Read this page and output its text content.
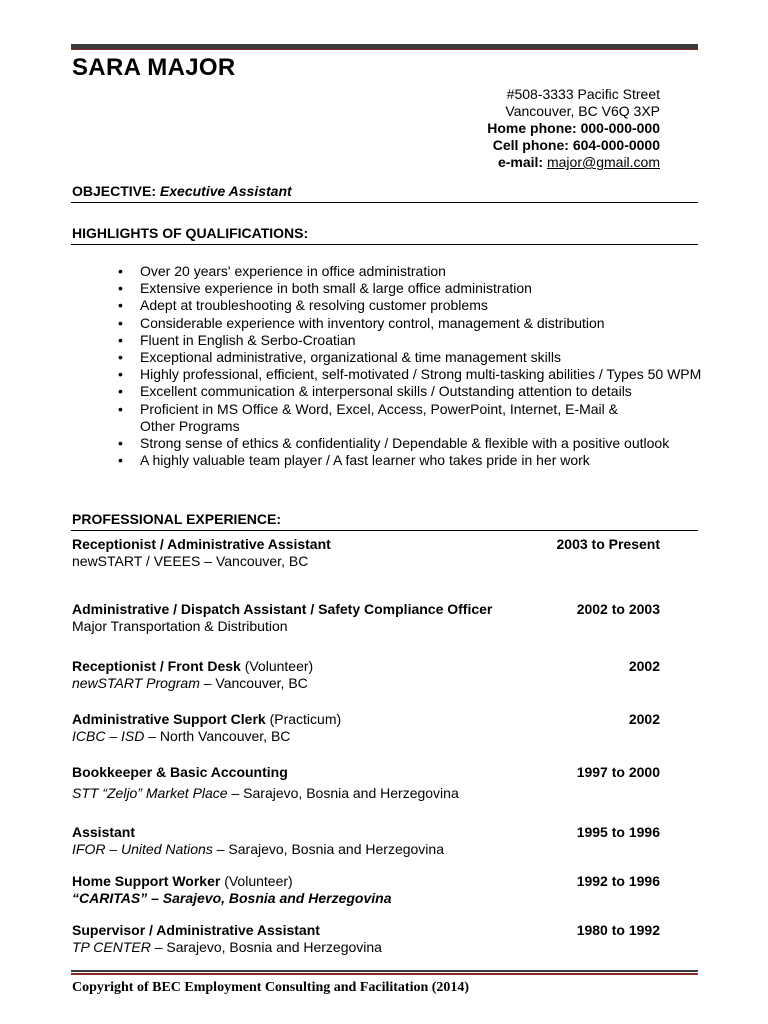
SARA MAJOR
#508-3333 Pacific Street
Vancouver, BC V6Q 3XP
Home phone: 000-000-000
Cell phone: 604-000-0000
e-mail: major@gmail.com
OBJECTIVE: Executive Assistant
HIGHLIGHTS OF QUALIFICATIONS:
• Over 20 years' experience in office administration
• Extensive experience in both small & large office administration
• Adept at troubleshooting & resolving customer problems
• Considerable experience with inventory control, management & distribution
• Fluent in English & Serbo-Croatian
• Exceptional administrative, organizational & time management skills
• Highly professional, efficient, self-motivated / Strong multi-tasking abilities / Types 50 WPM
• Excellent communication & interpersonal skills / Outstanding attention to details
• Proficient in MS Office & Word, Excel, Access, PowerPoint, Internet, E-Mail & Other Programs
• Strong sense of ethics & confidentiality / Dependable & flexible with a positive outlook
• A highly valuable team player / A fast learner who takes pride in her work
PROFESSIONAL EXPERIENCE:
Receptionist / Administrative Assistant	2003 to Present
newSTART / VEEES – Vancouver, BC
Administrative / Dispatch Assistant / Safety Compliance Officer	2002 to 2003
Major Transportation & Distribution
Receptionist / Front Desk (Volunteer)	2002
newSTART Program – Vancouver, BC
Administrative Support Clerk (Practicum)	2002
ICBC – ISD – North Vancouver, BC
Bookkeeper & Basic Accounting	1997 to 2000
STT “Zeljo” Market Place – Sarajevo, Bosnia and Herzegovina
Assistant	1995 to 1996
IFOR – United Nations – Sarajevo, Bosnia and Herzegovina
Home Support Worker (Volunteer)	1992 to 1996
“CARITAS” – Sarajevo, Bosnia and Herzegovina
Supervisor / Administrative Assistant	1980 to 1992
TP CENTER – Sarajevo, Bosnia and Herzegovina
Copyright of BEC Employment Consulting and Facilitation (2014)
